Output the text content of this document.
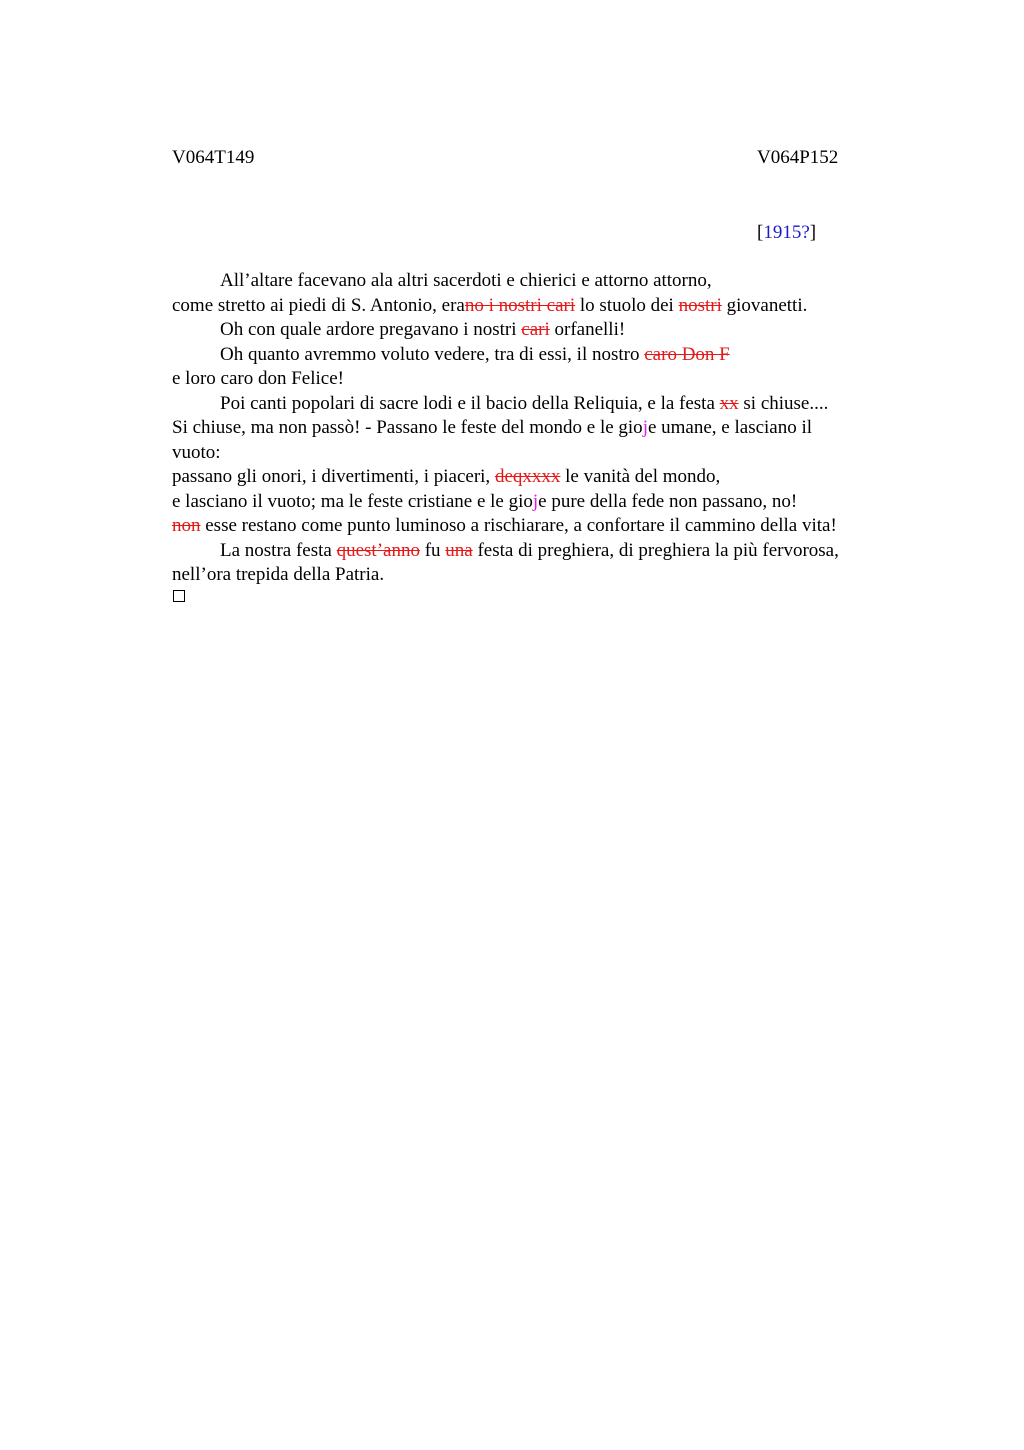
V064T149	V064P152
[1915?]
All’altare facevano ala altri sacerdoti e chierici e attorno attorno,
come stretto ai piedi di S. Antonio, erano i nostri cari lo stuolo dei nostri giovanetti.
Oh con quale ardore pregavano i nostri cari orfanelli!
Oh quanto avremmo voluto vedere, tra di essi, il nostro caro Don F
e loro caro don Felice!
Poi canti popolari di sacre lodi e il bacio della Reliquia, e la festa xx si chiuse....
Si chiuse, ma non passò! - Passano le feste del mondo e le gioje umane, e lasciano il
vuoto:
passano gli onori, i divertimenti, i piaceri, deqxxxx le vanità del mondo,
e lasciano il vuoto; ma le feste cristiane e le gioje pure della fede non passano, no!
non esse restano come punto luminoso a rischiarare, a confortare il cammino della vita!
La nostra festa quest’anno fu una festa di preghiera, di preghiera la più fervorosa,
nell’ora trepida della Patria.
